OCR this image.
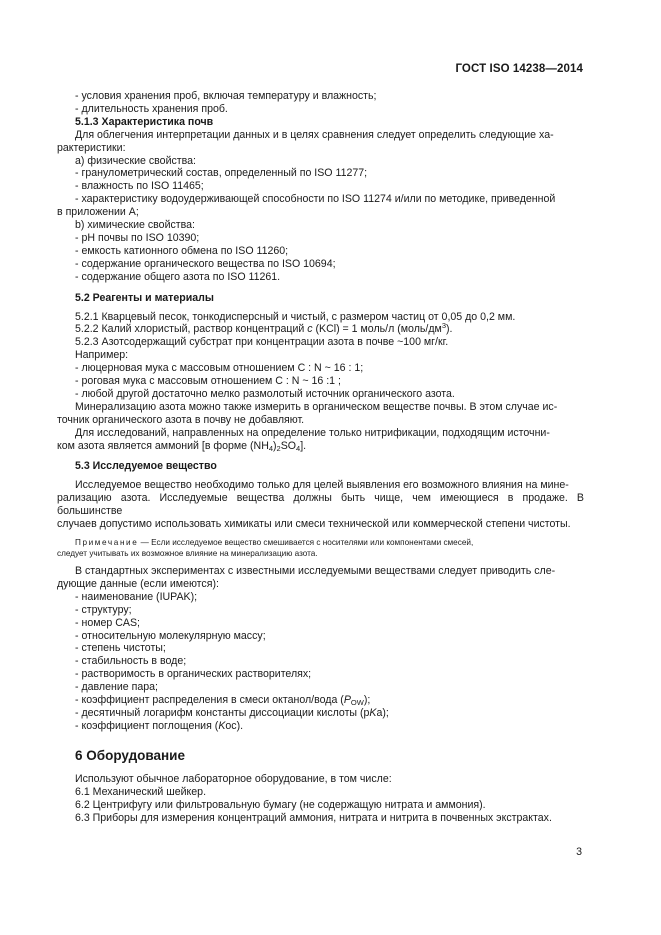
ГОСТ ISO 14238—2014

- условия хранения проб, включая температуру и влажность;

- длительность хранения проб.

5.1.3 Характеристика почв

Для облегчения интерпретации данных и в целях сравнения следует определить следующие ха-

рактеристики:

a) физические свойства:

- гранулометрический состав, определенный по ISO 11277;

- влажность по ISO 11465;

- характеристику водоудерживающей способности по ISO 11274 и/или по методике, приведенной

в приложении А;

b) химические свойства:

- pH почвы по ISO 10390;

- емкость катионного обмена по ISO 11260;

- содержание органического вещества по ISO 10694;

- содержание общего азота по ISO 11261.

5.2 Реагенты и материалы

5.2.1 Кварцевый песок, тонкодисперсный и чистый, с размером частиц от 0,05 до 0,2 мм.

5.2.2 Калий хлористый, раствор концентраций c (KCl) = 1 моль/л $(моль/дм^3)$.

5.2.3 Азотсодержащий субстрат при концентрации азота в почве ~100 мг/кг.

Например:

- люцерновая мука с массовым отношением C : N ~ 16 : 1;

- роговая мука с массовым отношением C : N ~ 16 :1 ;

- любой другой достаточно мелко размолотый источник органического азота.

Минерализацию азота можно также измерить в органическом веществе почвы. В этом случае ис-

точник органического азота в почву не добавляют.

Для исследований, направленных на определение только нитрификации, подходящим источни-

ком азота является аммоний [в форме $(NH_4)_2SO_4$].

5.3 Исследуемое вещество

Исследуемое вещество необходимо только для целей выявления его возможного влияния на мине-

рализацию азота. Исследуемые вещества должны быть чище, чем имеющиеся в продаже. В большинстве

случаев допустимо использовать химикаты или смеси технической или коммерческой степени чистоты.

Примечание — Если исследуемое вещество смешивается с носителями или компонентами смесей,

следует учитывать их возможное влияние на минерализацию азота.

В стандартных экспериментах с известными исследуемыми веществами следует приводить сле-

дующие данные (если имеются):

- наименование (IUPAK);

- структуру;

- номер CAS;

- относительную молекулярную массу;

- степень чистоты;

- стабильность в воде;

- растворимость в органических растворителях;

- давление пара;

- коэффициент распределения в смеси октанол/вода $(P_{OW})$;

- десятичный логарифм константы диссоциации кислоты (pKa);

- коэффициент поглощения (Koc).

6 Оборудование

Используют обычное лабораторное оборудование, в том числе:

6.1 Механический шейкер.

6.2 Центрифугу или фильтровальную бумагу (не содержащую нитрата и аммония).

6.3 Приборы для измерения концентраций аммония, нитрата и нитрита в почвенных экстрактах.

3
